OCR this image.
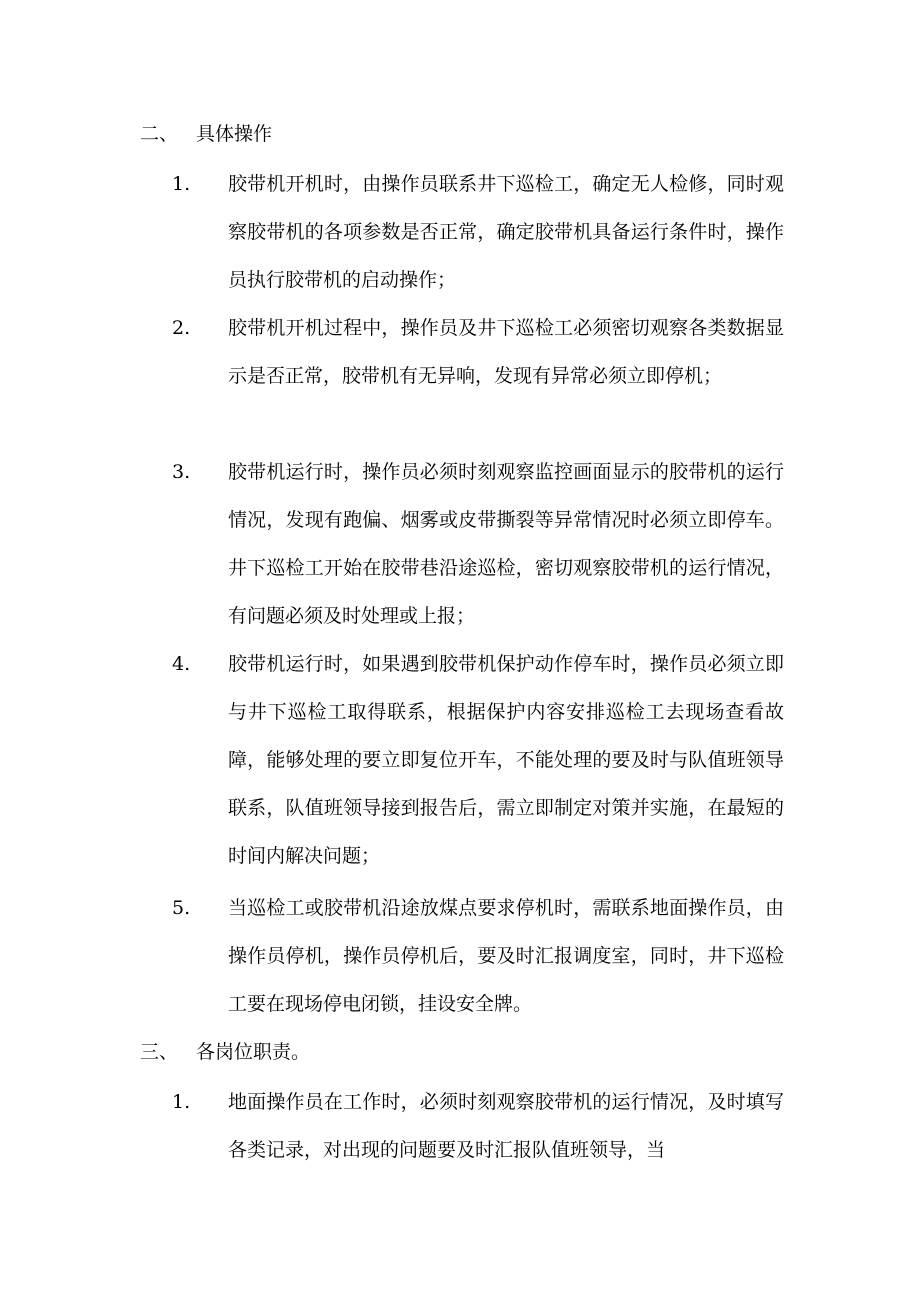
二、 具体操作
1. 胶带机开机时，由操作员联系井下巡检工，确定无人检修，同时观察胶带机的各项参数是否正常，确定胶带机具备运行条件时，操作员执行胶带机的启动操作；
2. 胶带机开机过程中，操作员及井下巡检工必须密切观察各类数据显示是否正常，胶带机有无异响，发现有异常必须立即停机；
3. 胶带机运行时，操作员必须时刻观察监控画面显示的胶带机的运行情况，发现有跑偏、烟雾或皮带撕裂等异常情况时必须立即停车。井下巡检工开始在胶带巷沿途巡检，密切观察胶带机的运行情况，有问题必须及时处理或上报；
4. 胶带机运行时，如果遇到胶带机保护动作停车时，操作员必须立即与井下巡检工取得联系，根据保护内容安排巡检工去现场查看故障，能够处理的要立即复位开车，不能处理的要及时与队值班领导联系，队值班领导接到报告后，需立即制定对策并实施，在最短的时间内解决问题；
5. 当巡检工或胶带机沿途放煤点要求停机时，需联系地面操作员，由操作员停机，操作员停机后，要及时汇报调度室，同时，井下巡检工要在现场停电闭锁，挂设安全牌。
三、 各岗位职责。
1. 地面操作员在工作时，必须时刻观察胶带机的运行情况，及时填写各类记录，对出现的问题要及时汇报队值班领导，当
